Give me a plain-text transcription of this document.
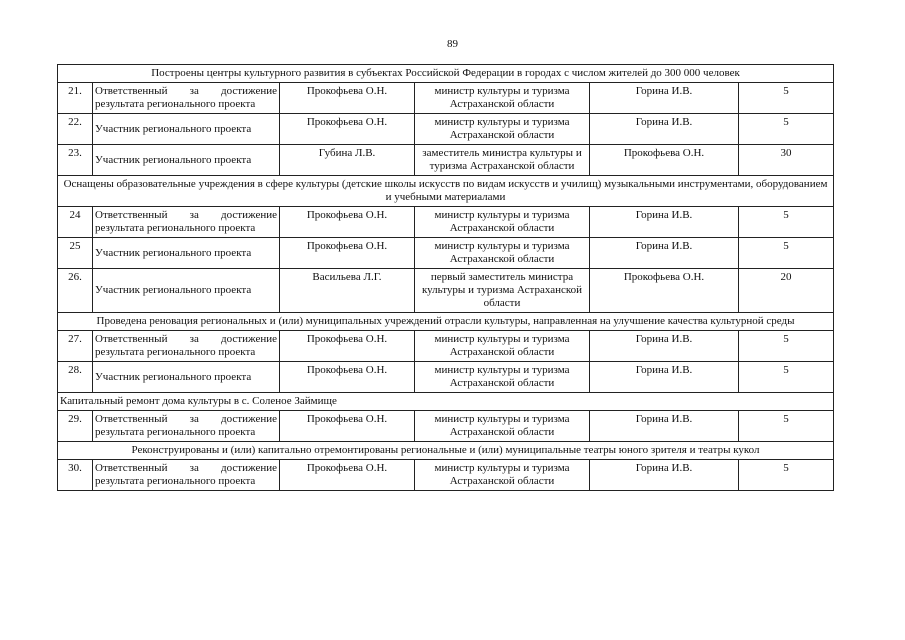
89
Построены центры культурного развития в субъектах Российской Федерации в городах с числом жителей до 300 000 человек					
21.	Ответственный за достижение результата регионального проекта	Прокофьева О.Н.	министр культуры и туризма Астраханской области	Горина И.В.	5
22.	Участник регионального проекта	Прокофьева О.Н.	министр культуры и туризма Астраханской области	Горина И.В.	5
23.	Участник регионального проекта	Губина Л.В.	заместитель министра культуры и туризма Астраханской области	Прокофьева О.Н.	30
Оснащены образовательные учреждения в сфере культуры (детские школы искусств по видам искусств и училищ) музыкальными инструментами, оборудованием и учебными материалами					
24	Ответственный за достижение результата регионального проекта	Прокофьева О.Н.	министр культуры и туризма Астраханской области	Горина И.В.	5
25	Участник регионального проекта	Прокофьева О.Н.	министр культуры и туризма Астраханской области	Горина И.В.	5
26.	Участник регионального проекта	Васильева Л.Г.	первый заместитель министра культуры и туризма Астраханской области	Прокофьева О.Н.	20
Проведена реновация региональных и (или) муниципальных учреждений отрасли культуры, направленная на улучшение качества культурной среды					
27.	Ответственный за достижение результата регионального проекта	Прокофьева О.Н.	министр культуры и туризма Астраханской области	Горина И.В.	5
28.	Участник регионального проекта	Прокофьева О.Н.	министр культуры и туризма Астраханской области	Горина И.В.	5
Капитальный ремонт дома культуры в с. Соленое Займище					
29.	Ответственный за достижение результата регионального проекта	Прокофьева О.Н.	министр культуры и туризма Астраханской области	Горина И.В.	5
Реконструированы и (или) капитально отремонтированы региональные и (или) муниципальные театры юного зрителя и театры кукол					
30.	Ответственный за достижение результата регионального проекта	Прокофьева О.Н.	министр культуры и туризма Астраханской области	Горина И.В.	5
